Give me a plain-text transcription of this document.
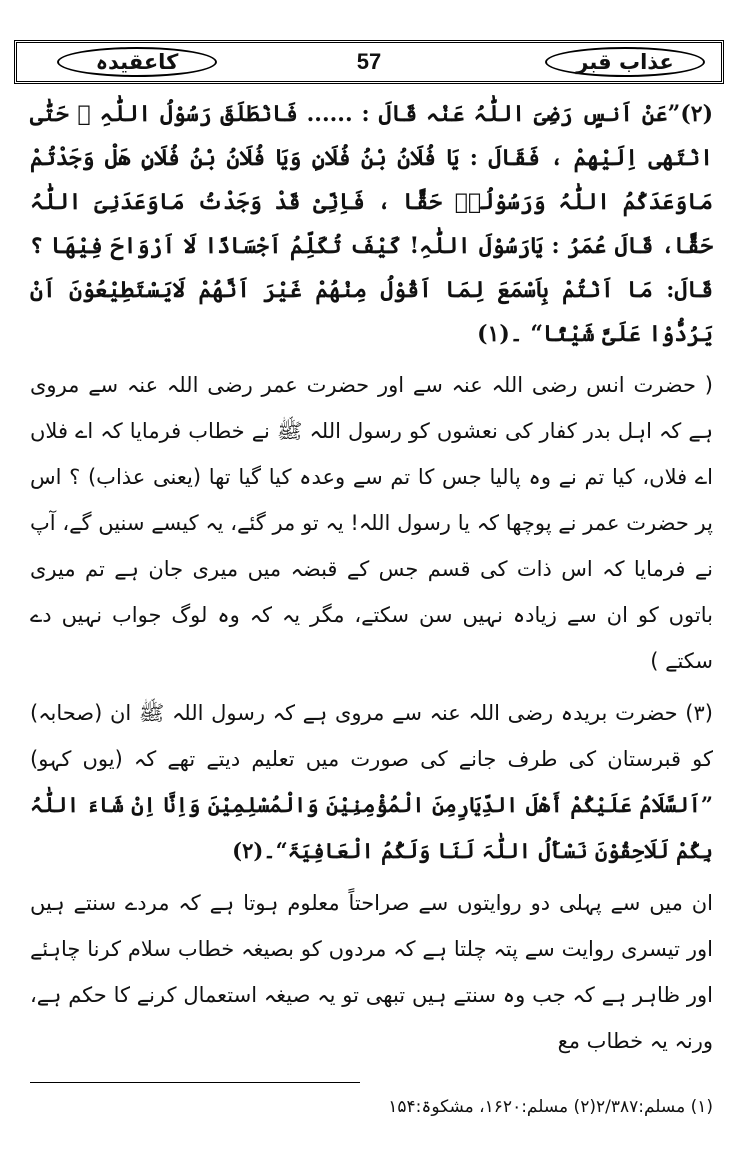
عذاب قبر
57
کاعقیدہ

(۲)”عَنْ اَنسٍ رَضِیَ اللّٰہُ عَنْہ قَالَ : ...... فَانْطَلَقَ رَسُوْلُ اللّٰہِ ﷺ حَتّٰی انْتَھٰی اِلَیْھِمْ ، فَقَالَ : یَا فُلَانُ بْنُ فُلَانٍ وَیَا فُلَانُ بْنُ فُلَانٍ ھَلْ وَجَدْتُمْ مَاوَعَدَکُمُ اللّٰہُ وَرَسُوْلُہٗ حَقًّا ، فَاِنِّیْ قَدْ وَجَدْتُ مَاوَعَدَنِیَ اللّٰہُ حَقًّا، قَالَ عُمَرُ : یَارَسُوْلَ اللّٰہِ! کَیْفَ تُکَلِّمُ اَجْسَادًا لَا اَرْوَاحَ فِیْھَا ؟ قَالَ: مَا اَنْتُمْ بِاَسْمَعَ لِمَا اَقُوْلُ مِنْھُمْ غَیْرَ اَنَّھُمْ لَایَسْتَطِیْعُوْنَ اَنْ یَرُدُّوْا عَلَیَّ شَیْئًا“ ۔(۱)

( حضرت انس رضی اللہ عنہ سے اور حضرت عمر رضی اللہ عنہ سے مروی ہے کہ اہل بدر کفار کی نعشوں کو رسول اللہ ﷺ نے خطاب فرمایا کہ اے فلاں اے فلاں، کیا تم نے وہ پالیا جس کا تم سے وعدہ کیا گیا تھا (یعنی عذاب) ؟ اس پر حضرت عمر نے پوچھا کہ یا رسول اللہ! یہ تو مر گئے، یہ کیسے سنیں گے، آپ نے فرمایا کہ اس ذات کی قسم جس کے قبضہ میں میری جان ہے تم میری باتوں کو ان سے زیادہ نہیں سن سکتے، مگر یہ کہ وہ لوگ جواب نہیں دے سکتے )

(۳) حضرت بریدہ رضی اللہ عنہ سے مروی ہے کہ رسول اللہ ﷺ ان (صحابہ) کو قبرستان کی طرف جانے کی صورت میں تعلیم دیتے تھے کہ (یوں کہو) ”اَلسَّلَامُ عَلَیْکُمْ أَھْلَ الدِّیَارِمِنَ الْمُؤْمِنِیْنَ وَالْمُسْلِمِیْنَ وَاِنَّا اِنْ شَاءَ اللّٰہُ بِکُمْ لَلَاحِقُوْنَ نَسْأَلُ اللّٰہَ لَنَا وَلَکُمُ الْعَافِیَۃَ“۔(۲)

ان میں سے پہلی دو روایتوں سے صراحتاً معلوم ہوتا ہے کہ مردے سنتے ہیں اور تیسری روایت سے پتہ چلتا ہے کہ مردوں کو بصیغہ خطاب سلام کرنا چاہئے اور ظاہر ہے کہ جب وہ سنتے ہیں تبھی تو یہ صیغہ استعمال کرنے کا حکم ہے، ورنہ یہ خطاب مع

(۱) مسلم:۲/۳۸۷(۲) مسلم:۱۶۲۰، مشکوۃ:۱۵۴
